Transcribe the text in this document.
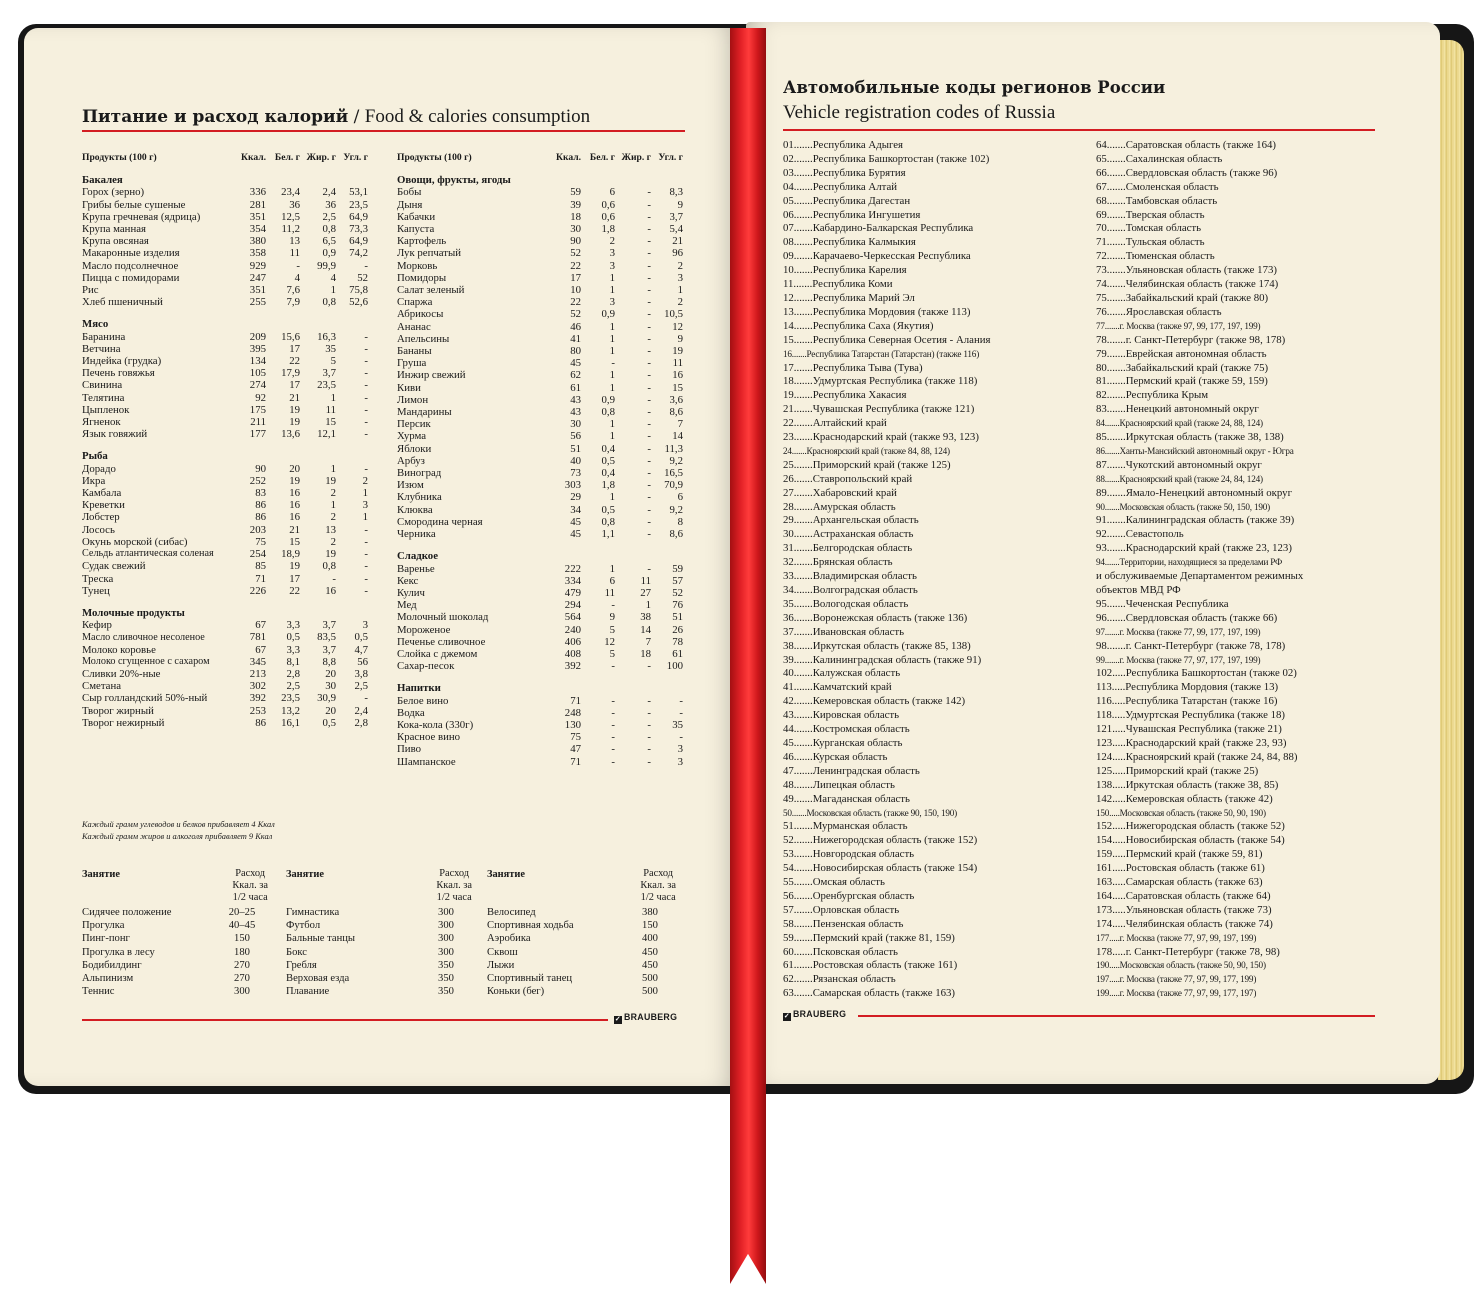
Питание и расход калорий / Food & calories consumption
Продукты (100 г)	Ккал.	Бел. г	Жир. г	Угл. г

Бакалея				
Горох (зерно)	336	23,4	2,4	53,1
Грибы белые сушеные	281	36	36	23,5
Крупа гречневая (ядрица)	351	12,5	2,5	64,9
Крупа манная	354	11,2	0,8	73,3
Крупа овсяная	380	13	6,5	64,9
Макаронные изделия	358	11	0,9	74,2
Масло подсолнечное	929	-	99,9	-
Пицца с помидорами	247	4	4	52
Рис	351	7,6	1	75,8
Хлеб пшеничный	255	7,9	0,8	52,6
Мясо				
Баранина	209	15,6	16,3	-
Ветчина	395	17	35	-
Индейка (грудка)	134	22	5	-
Печень говяжья	105	17,9	3,7	-
Свинина	274	17	23,5	-
Телятина	92	21	1	-
Цыпленок	175	19	11	-
Ягненок	211	19	15	-
Язык говяжий	177	13,6	12,1	-
Рыба				
Дорадо	90	20	1	-
Икра	252	19	19	2
Камбала	83	16	2	1
Креветки	86	16	1	3
Лобстер	86	16	2	1
Лосось	203	21	13	-
Окунь морской (сибас)	75	15	2	-
Сельдь атлантическая соленая	254	18,9	19	-
Судак свежий	85	19	0,8	-
Треска	71	17	-	-
Тунец	226	22	16	-
Молочные продукты				
Кефир	67	3,3	3,7	3
Масло сливочное несоленое	781	0,5	83,5	0,5
Молоко коровье	67	3,3	3,7	4,7
Молоко сгущенное с сахаром	345	8,1	8,8	56
Сливки 20%-ные	213	2,8	20	3,8
Сметана	302	2,5	30	2,5
Сыр голландский 50%-ный	392	23,5	30,9	-
Творог жирный	253	13,2	20	2,4
Творог нежирный	86	16,1	0,5	2,8
Продукты (100 г)	Ккал.	Бел. г	Жир. г	Угл. г

Овощи, фрукты, ягоды				
Бобы	59	6	-	8,3
Дыня	39	0,6	-	9
Кабачки	18	0,6	-	3,7
Капуста	30	1,8	-	5,4
Картофель	90	2	-	21
Лук репчатый	52	3	-	96
Морковь	22	3	-	2
Помидоры	17	1	-	3
Салат зеленый	10	1	-	1
Спаржа	22	3	-	2
Абрикосы	52	0,9	-	10,5
Ананас	46	1	-	12
Апельсины	41	1	-	9
Бананы	80	1	-	19
Груша	45	-	-	11
Инжир свежий	62	1	-	16
Киви	61	1	-	15
Лимон	43	0,9	-	3,6
Мандарины	43	0,8	-	8,6
Персик	30	1	-	7
Хурма	56	1	-	14
Яблоки	51	0,4	-	11,3
Арбуз	40	0,5	-	9,2
Виноград	73	0,4	-	16,5
Изюм	303	1,8	-	70,9
Клубника	29	1	-	6
Клюква	34	0,5	-	9,2
Смородина черная	45	0,8	-	8
Черника	45	1,1	-	8,6
Сладкое				
Варенье	222	1	-	59
Кекс	334	6	11	57
Кулич	479	11	27	52
Мед	294	-	1	76
Молочный шоколад	564	9	38	51
Мороженое	240	5	14	26
Печенье сливочное	406	12	7	78
Слойка с джемом	408	5	18	61
Сахар-песок	392	-	-	100
Напитки				
Белое вино	71	-	-	-
Водка	248	-	-	-
Кока-кола (330г)	130	-	-	35
Красное вино	75	-	-	-
Пиво	47	-	-	3
Шампанское	71	-	-	3
Каждый грамм углеводов и белков прибавляет 4 Ккал
Каждый грамм жиров и алкоголя прибавляет 9 Ккал
Занятие	Расход
Ккал. за
1/2 часа
Сидячее положение	20–25
Прогулка	40–45
Пинг-понг	150
Прогулка в лесу	180
Бодибилдинг	270
Альпинизм	270
Теннис	300
Занятие	Расход
Ккал. за
1/2 часа
Гимнастика	300
Футбол	300
Бальные танцы	300
Бокс	300
Гребля	350
Верховая езда	350
Плавание	350
Занятие	Расход
Ккал. за
1/2 часа
Велосипед	380
Спортивная ходьба	150
Аэробика	400
Сквош	450
Лыжи	450
Спортивный танец	500
Коньки (бег)	500
✓ BRAUBERG
Автомобильные коды регионов России
Vehicle registration codes of Russia
01.......Республика Адыгея
02.......Республика Башкортостан (также 102)
03.......Республика Бурятия
04.......Республика Алтай
05.......Республика Дагестан
06.......Республика Ингушетия
07.......Кабардино-Балкарская Республика
08.......Республика Калмыкия
09.......Карачаево-Черкесская Республика
10.......Республика Карелия
11.......Республика Коми
12.......Республика Марий Эл
13.......Республика Мордовия (также 113)
14.......Республика Саха (Якутия)
15.......Республика Северная Осетия - Алания
16.......Республика Татарстан (Татарстан) (также 116)
17.......Республика Тыва (Тува)
18.......Удмуртская Республика (также 118)
19.......Республика Хакасия
21.......Чувашская Республика (также 121)
22.......Алтайский край
23.......Краснодарский край (также 93, 123)
24.......Красноярский край (также 84, 88, 124)
25.......Приморский край (также 125)
26.......Ставропольский край
27.......Хабаровский край
28.......Амурская область
29.......Архангельская область
30.......Астраханская область
31.......Белгородская область
32.......Брянская область
33.......Владимирская область
34.......Волгоградская область
35.......Вологодская область
36.......Воронежская область (также 136)
37.......Ивановская область
38.......Иркутская область (также 85, 138)
39.......Калининградская область (также 91)
40.......Калужская область
41.......Камчатский край
42.......Кемеровская область (также 142)
43.......Кировская область
44.......Костромская область
45.......Курганская область
46.......Курская область
47.......Ленинградская область
48.......Липецкая область
49.......Магаданская область
50.......Московская область (также 90, 150, 190)
51.......Мурманская область
52.......Нижегородская область (также 152)
53.......Новгородская область
54.......Новосибирская область (также 154)
55.......Омская область
56.......Оренбургская область
57.......Орловская область
58.......Пензенская область
59.......Пермский край (также 81, 159)
60.......Псковская область
61.......Ростовская область (также 161)
62.......Рязанская область
63.......Самарская область (также 163)
64.......Саратовская область (также 164)
65.......Сахалинская область
66.......Свердловская область (также 96)
67.......Смоленская область
68.......Тамбовская область
69.......Тверская область
70.......Томская область
71.......Тульская область
72.......Тюменская область
73.......Ульяновская область (также 173)
74.......Челябинская область (также 174)
75.......Забайкальский край (также 80)
76.......Ярославская область
77.......г. Москва (также 97, 99, 177, 197, 199)
78.......г. Санкт-Петербург (также 98, 178)
79.......Еврейская автономная область
80.......Забайкальский край (также 75)
81.......Пермский край (также 59, 159)
82.......Республика Крым
83.......Ненецкий автономный округ
84.......Красноярский край (также 24, 88, 124)
85.......Иркутская область (также 38, 138)
86.......Ханты-Мансийский автономный округ - Югра
87.......Чукотский автономный округ
88.......Красноярский край (также 24, 84, 124)
89.......Ямало-Ненецкий автономный округ
90.......Московская область (также 50, 150, 190)
91.......Калининградская область (также 39)
92.......Севастополь
93.......Краснодарский край (также 23, 123)
94.......Территории, находящиеся за пределами РФ
и обслуживаемые Департаментом режимных
объектов МВД РФ
95.......Чеченская Республика
96.......Свердловская область (также 66)
97.......г. Москва (также 77, 99, 177, 197, 199)
98.......г. Санкт-Петербург (также 78, 178)
99.......г. Москва (также 77, 97, 177, 197, 199)
102.....Республика Башкортостан (также 02)
113.....Республика Мордовия (также 13)
116.....Республика Татарстан (также 16)
118.....Удмуртская Республика (также 18)
121.....Чувашская Республика (также 21)
123.....Краснодарский край (также 23, 93)
124.....Красноярский край (также 24, 84, 88)
125.....Приморский край (также 25)
138.....Иркутская область (также 38, 85)
142.....Кемеровская область (также 42)
150.....Московская область (также 50, 90, 190)
152.....Нижегородская область (также 52)
154.....Новосибирская область (также 54)
159.....Пермский край (также 59, 81)
161.....Ростовская область (также 61)
163.....Самарская область (также 63)
164.....Саратовская область (также 64)
173.....Ульяновская область (также 73)
174.....Челябинская область (также 74)
177.....г. Москва (также 77, 97, 99, 197, 199)
178.....г. Санкт-Петербург (также 78, 98)
190.....Московская область (также 50, 90, 150)
197.....г. Москва (также 77, 97, 99, 177, 199)
199.....г. Москва (также 77, 97, 99, 177, 197)
✓ BRAUBERG
